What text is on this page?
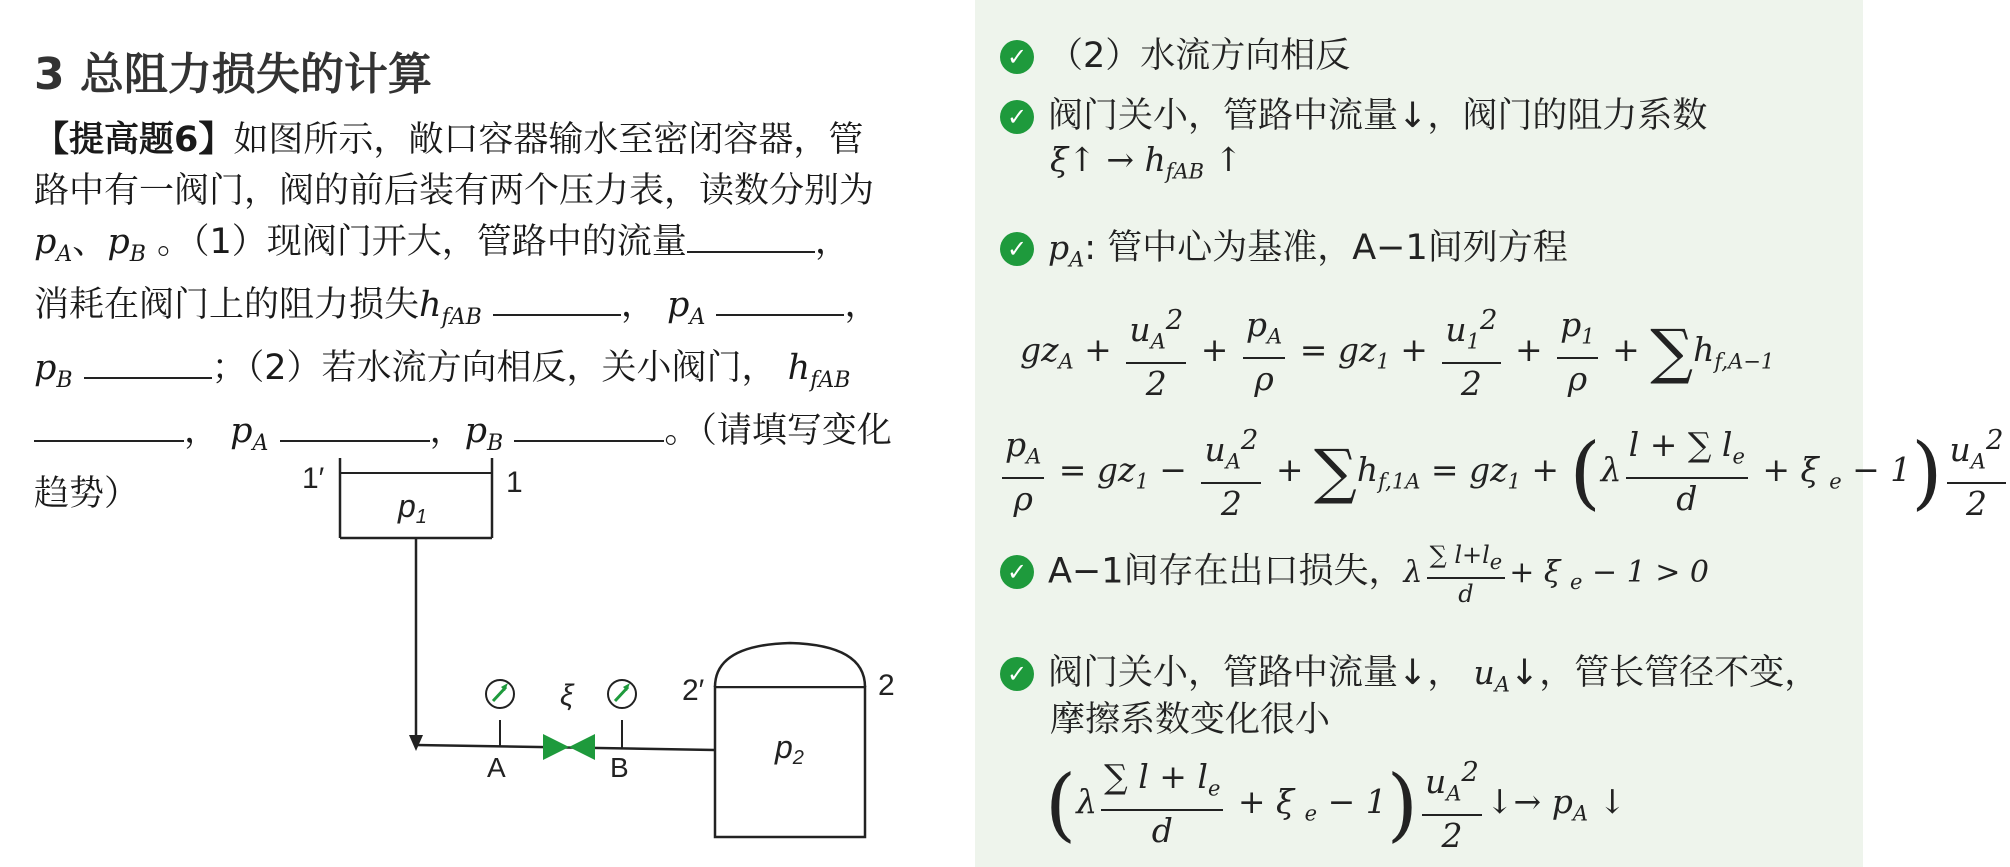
3 总阻力损失的计算
【提高题6】如图所示，敞口容器输水至密闭容器，管
路中有一阀门，阀的前后装有两个压力表，读数分别为
$p_A$、$p_B$ 。（1）现阀门开大，管路中的流量	，
消耗在阀门上的阻力损失$h_{fAB}$	， $p_A$	，
$p_B$	；（2）若水流方向相反，关小阀门， $h_{fAB}$
， $p_A$	，$p_B$	。（请填写变化
趋势）	p1
1′	1
A
ξ
B
p2
2′	2
✓ （2）水流方向相反
✓ 阀门关小，管路中流量↓，阀门的阻力系数
ξ↑ → $h_{fAB}$ ↑
✓ $p_A$: 管中心为基准，A−1间列方程
$gz_A + \frac{u_A^2}{2} + \frac{p_A}{\rho} = gz_1 + \frac{u_1^2}{2} + \frac{p_1}{\rho} + \sum h_{f,A-1}$
$\frac{p_A}{\rho} = gz_1 - \frac{u_A^2}{2} + \sum h_{f,1A} = gz_1 + (\lambda \frac{l + \sum l_e}{d} + \xi$ $_e - 1) \frac{u_A^2}{2}$
✓ A−1间存在出口损失，λ $\frac{\sum l+l_e}{d} + \xi$ $_e$ − 1 > 0
✓ 阀门关小，管路中流量↓， $u_A↓$，管长管径不变，
摩擦系数变化很小
($\lambda \frac{\sum l + l_e}{d} + \xi$ $_e - 1) \frac{u_A^2}{2}$ ↓→ $p_A$ ↓
